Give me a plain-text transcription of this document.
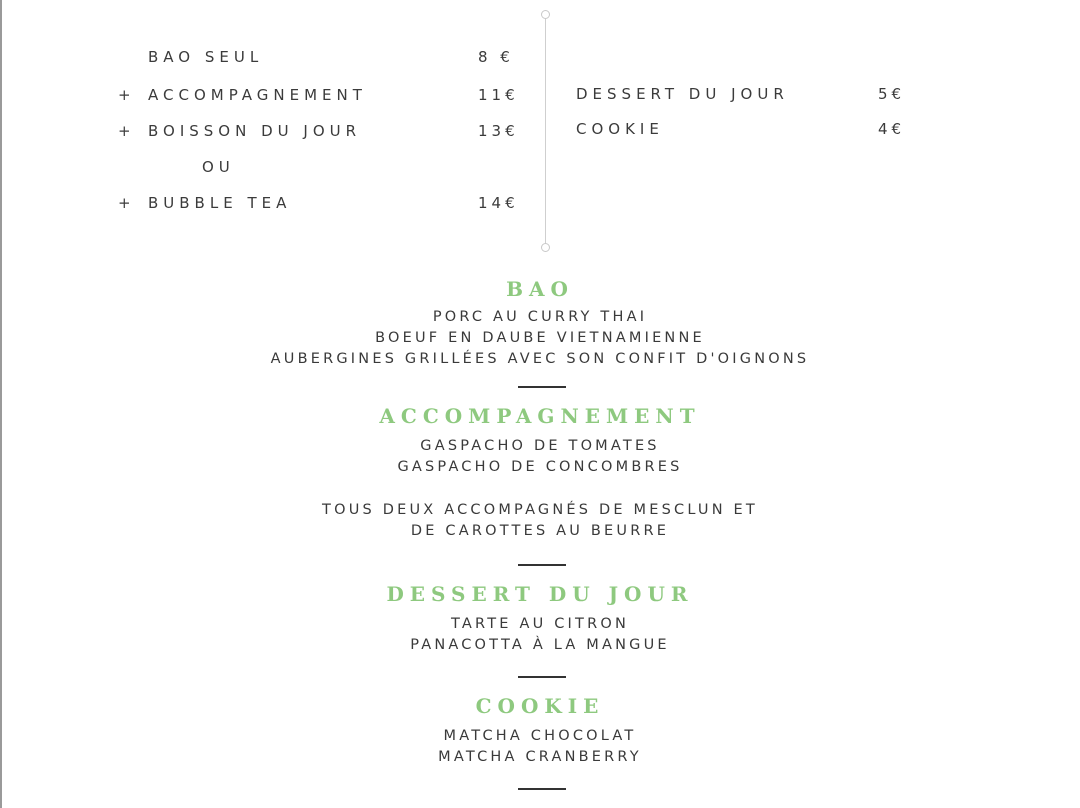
BAO SEUL	8 €
+ ACCOMPAGNEMENT	11€
+ BOISSON DU JOUR	13€
OU
+ BUBBLE TEA	14€
DESSERT DU JOUR	5€
COOKIE	4€
BAO
PORC AU CURRY THAI
BOEUF EN DAUBE VIETNAMIENNE
AUBERGINES GRILLÉES AVEC SON CONFIT D'OIGNONS
ACCOMPAGNEMENT
GASPACHO DE TOMATES
GASPACHO DE CONCOMBRES
TOUS DEUX ACCOMPAGNÉS DE MESCLUN ET
DE CAROTTES AU BEURRE
DESSERT DU JOUR
TARTE AU CITRON
PANACOTTA À LA MANGUE
COOKIE
MATCHA CHOCOLAT
MATCHA CRANBERRY
